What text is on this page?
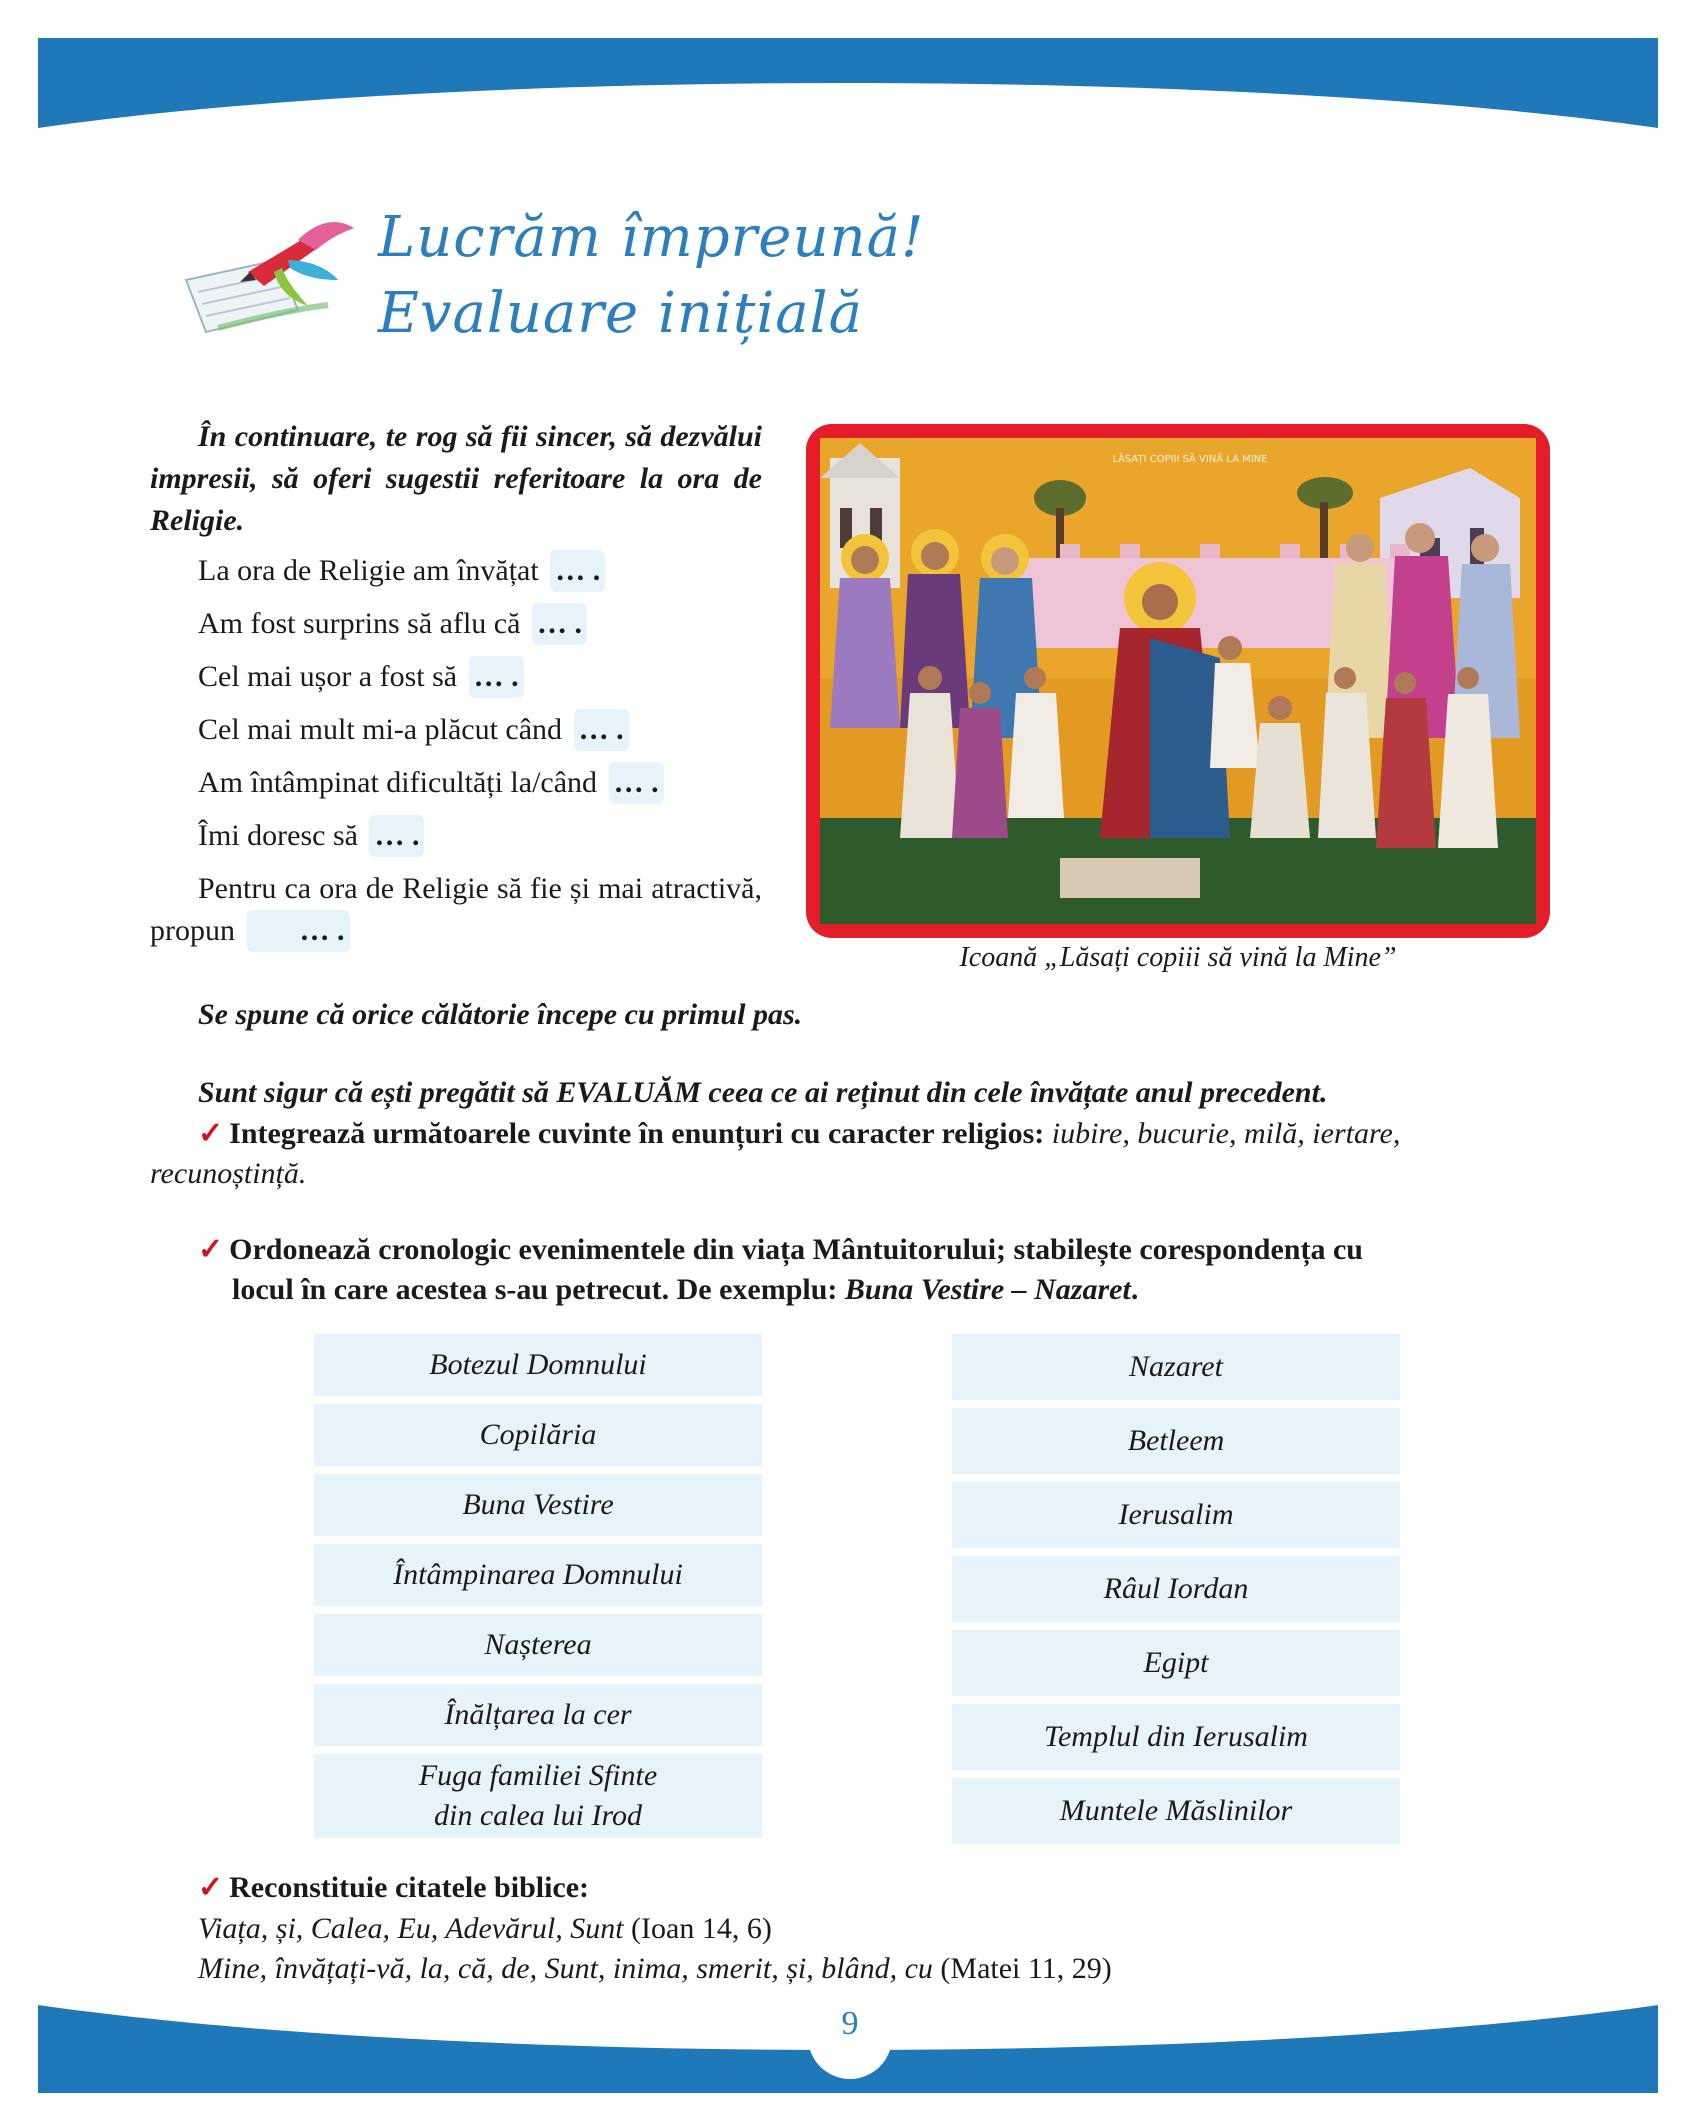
Lucrăm împreună!
Evaluare inițială

În continuare, te rog să fii sincer, să dezvălui impresii, să oferi sugestii referitoare la ora de Religie.

La ora de Religie am învățat … .
Am fost surprins să aflu că … .
Cel mai ușor a fost să … .
Cel mai mult mi-a plăcut când … .
Am întâmpinat dificultăți la/când … .
Îmi doresc să … .

Pentru ca ora de Religie să fie și mai atractivă, propun … .

LĂSAȚI COPIII SĂ VINĂ LA MINE
Icoană „Lăsați copiii să vină la Mine”
Se spune că orice călătorie începe cu primul pas.
Sunt sigur că ești pregătit să EVALUĂM ceea ce ai reținut din cele învățate anul precedent.
✓ Integrează următoarele cuvinte în enunțuri cu caracter religios: iubire, bucurie, milă, iertare,
recunoștință.
✓ Ordonează cronologic evenimentele din viața Mântuitorului; stabilește corespondența cu
locul în care acestea s-au petrecut. De exemplu: Buna Vestire – Nazaret.
Botezul Domnului
Copilăria
Buna Vestire
Întâmpinarea Domnului
Nașterea
Înălțarea la cer
Fuga familiei Sfinte
din calea lui Irod
Nazaret
Betleem
Ierusalim
Râul Iordan
Egipt
Templul din Ierusalim
Muntele Măslinilor
✓ Reconstituie citatele biblice:
Viața, și, Calea, Eu, Adevărul, Sunt (Ioan 14, 6)
Mine, învățați-vă, la, că, de, Sunt, inima, smerit, și, blând, cu (Matei 11, 29)
9
